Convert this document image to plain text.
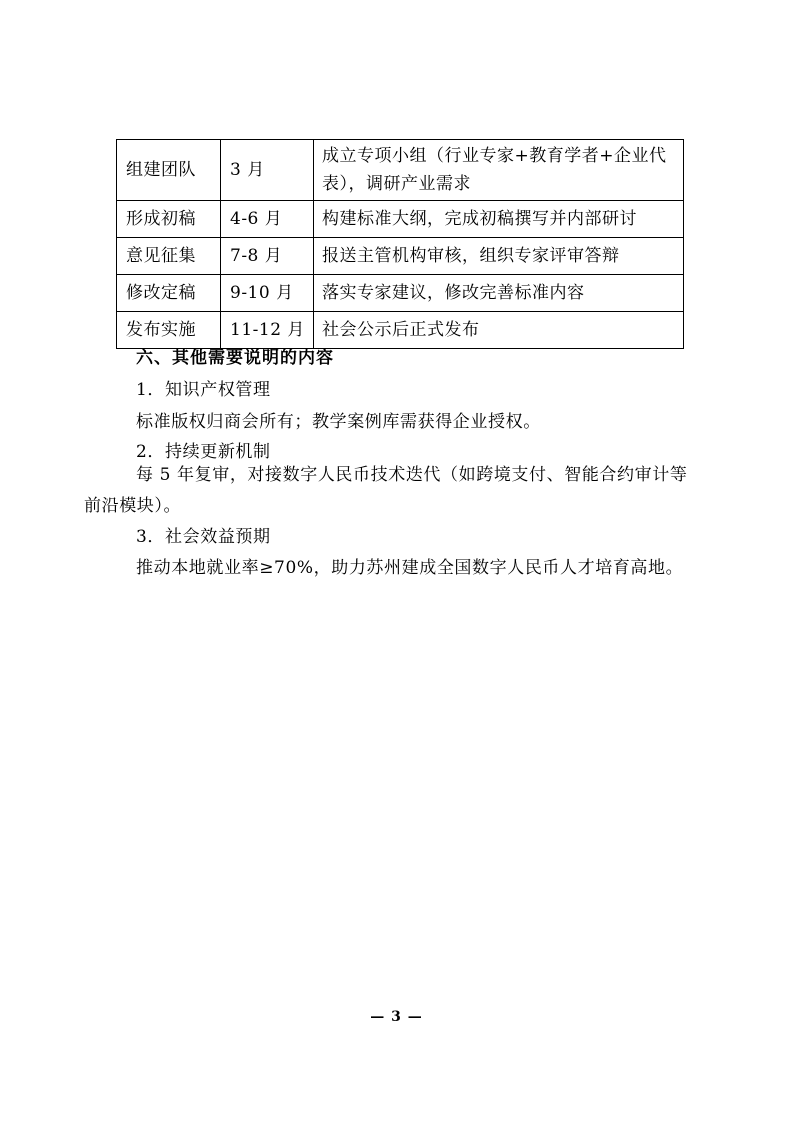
组建团队	3 月	成立专项小组（行业专家+教育学者+企业代表），调研产业需求
形成初稿	4-6 月	构建标准大纲，完成初稿撰写并内部研讨
意见征集	7-8 月	报送主管机构审核，组织专家评审答辩
修改定稿	9-10 月	落实专家建议，修改完善标准内容
发布实施	11-12 月	社会公示后正式发布
六、其他需要说明的内容
1．知识产权管理
标准版权归商会所有；教学案例库需获得企业授权。
2．持续更新机制
每 5 年复审，对接数字人民币技术迭代（如跨境支付、智能合约审计等前沿模块）。
3．社会效益预期
推动本地就业率≥70%，助力苏州建成全国数字人民币人才培育高地。
— 3 —
